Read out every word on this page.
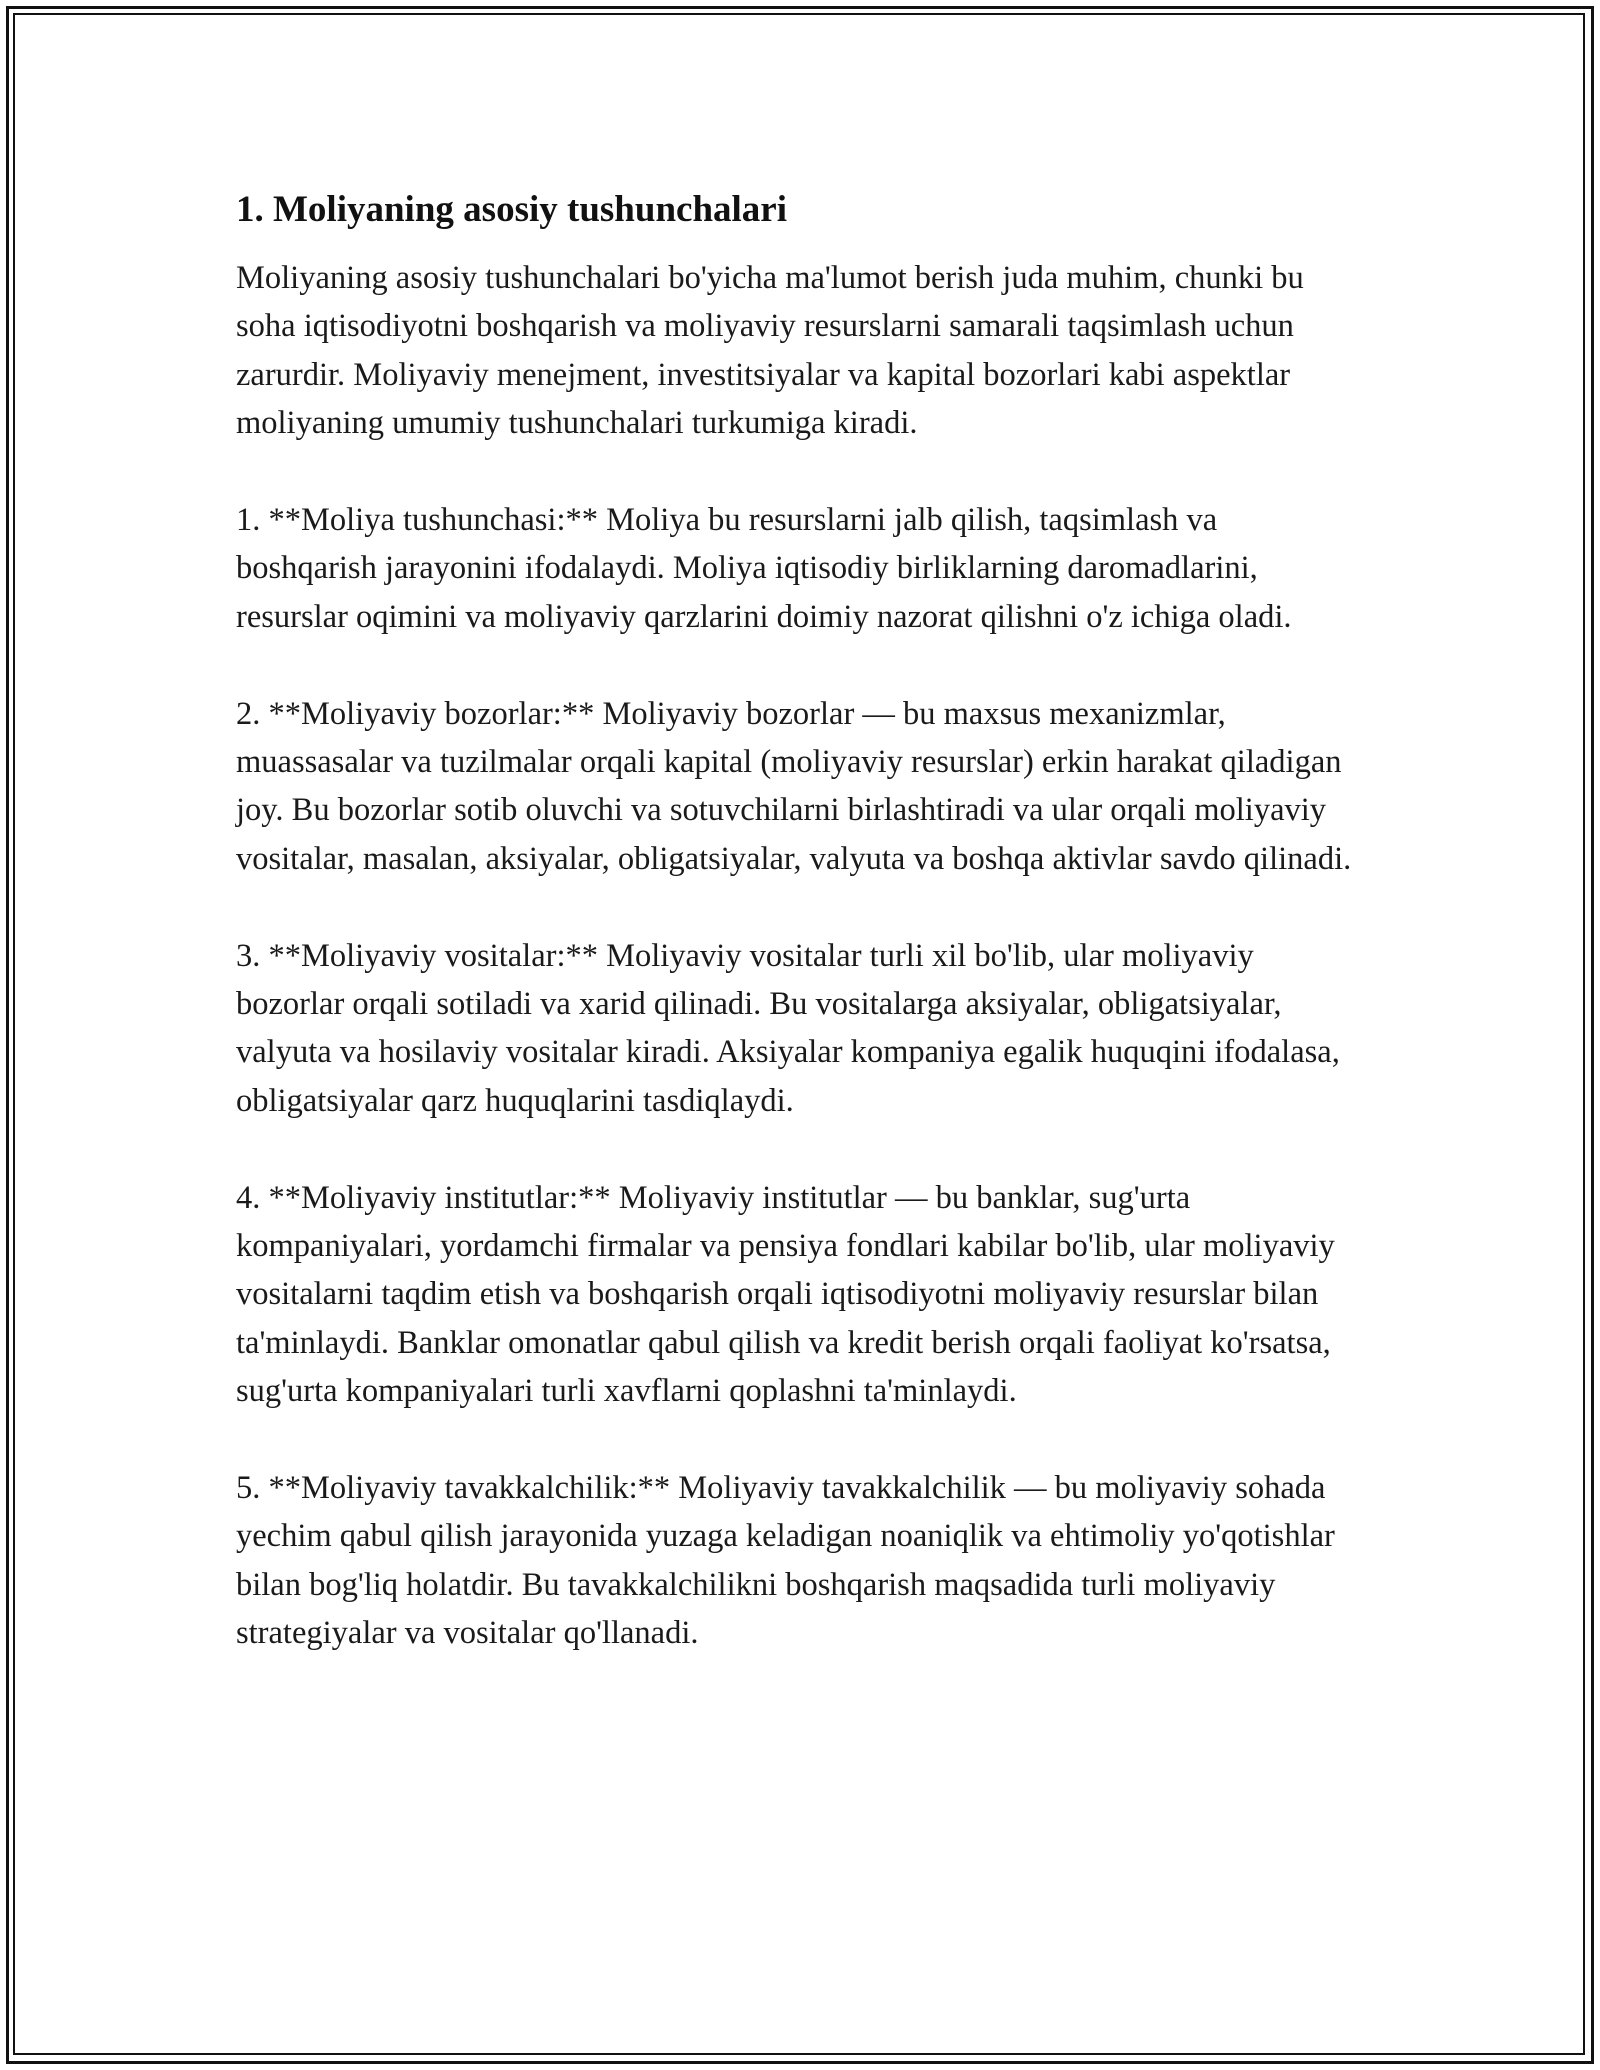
1. Moliyaning asosiy tushunchalari

Moliyaning asosiy tushunchalari bo'yicha ma'lumot berish juda muhim, chunki bu soha iqtisodiyotni boshqarish va moliyaviy resurslarni samarali taqsimlash uchun zarurdir. Moliyaviy menejment, investitsiyalar va kapital bozorlari kabi aspektlar moliyaning umumiy tushunchalari turkumiga kiradi.

1. **Moliya tushunchasi:** Moliya bu resurslarni jalb qilish, taqsimlash va boshqarish jarayonini ifodalaydi. Moliya iqtisodiy birliklarning daromadlarini, resurslar oqimini va moliyaviy qarzlarini doimiy nazorat qilishni o'z ichiga oladi.

2. **Moliyaviy bozorlar:** Moliyaviy bozorlar — bu maxsus mexanizmlar, muassasalar va tuzilmalar orqali kapital (moliyaviy resurslar) erkin harakat qiladigan joy. Bu bozorlar sotib oluvchi va sotuvchilarni birlashtiradi va ular orqali moliyaviy vositalar, masalan, aksiyalar, obligatsiyalar, valyuta va boshqa aktivlar savdo qilinadi.

3. **Moliyaviy vositalar:** Moliyaviy vositalar turli xil bo'lib, ular moliyaviy bozorlar orqali sotiladi va xarid qilinadi. Bu vositalarga aksiyalar, obligatsiyalar, valyuta va hosilaviy vositalar kiradi. Aksiyalar kompaniya egalik huquqini ifodalasa, obligatsiyalar qarz huquqlarini tasdiqlaydi.

4. **Moliyaviy institutlar:** Moliyaviy institutlar — bu banklar, sug'urta kompaniyalari, yordamchi firmalar va pensiya fondlari kabilar bo'lib, ular moliyaviy vositalarni taqdim etish va boshqarish orqali iqtisodiyotni moliyaviy resurslar bilan ta'minlaydi. Banklar omonatlar qabul qilish va kredit berish orqali faoliyat ko'rsatsa, sug'urta kompaniyalari turli xavflarni qoplashni ta'minlaydi.

5. **Moliyaviy tavakkalchilik:** Moliyaviy tavakkalchilik — bu moliyaviy sohada yechim qabul qilish jarayonida yuzaga keladigan noaniqlik va ehtimoliy yo'qotishlar bilan bog'liq holatdir. Bu tavakkalchilikni boshqarish maqsadida turli moliyaviy strategiyalar va vositalar qo'llanadi.
